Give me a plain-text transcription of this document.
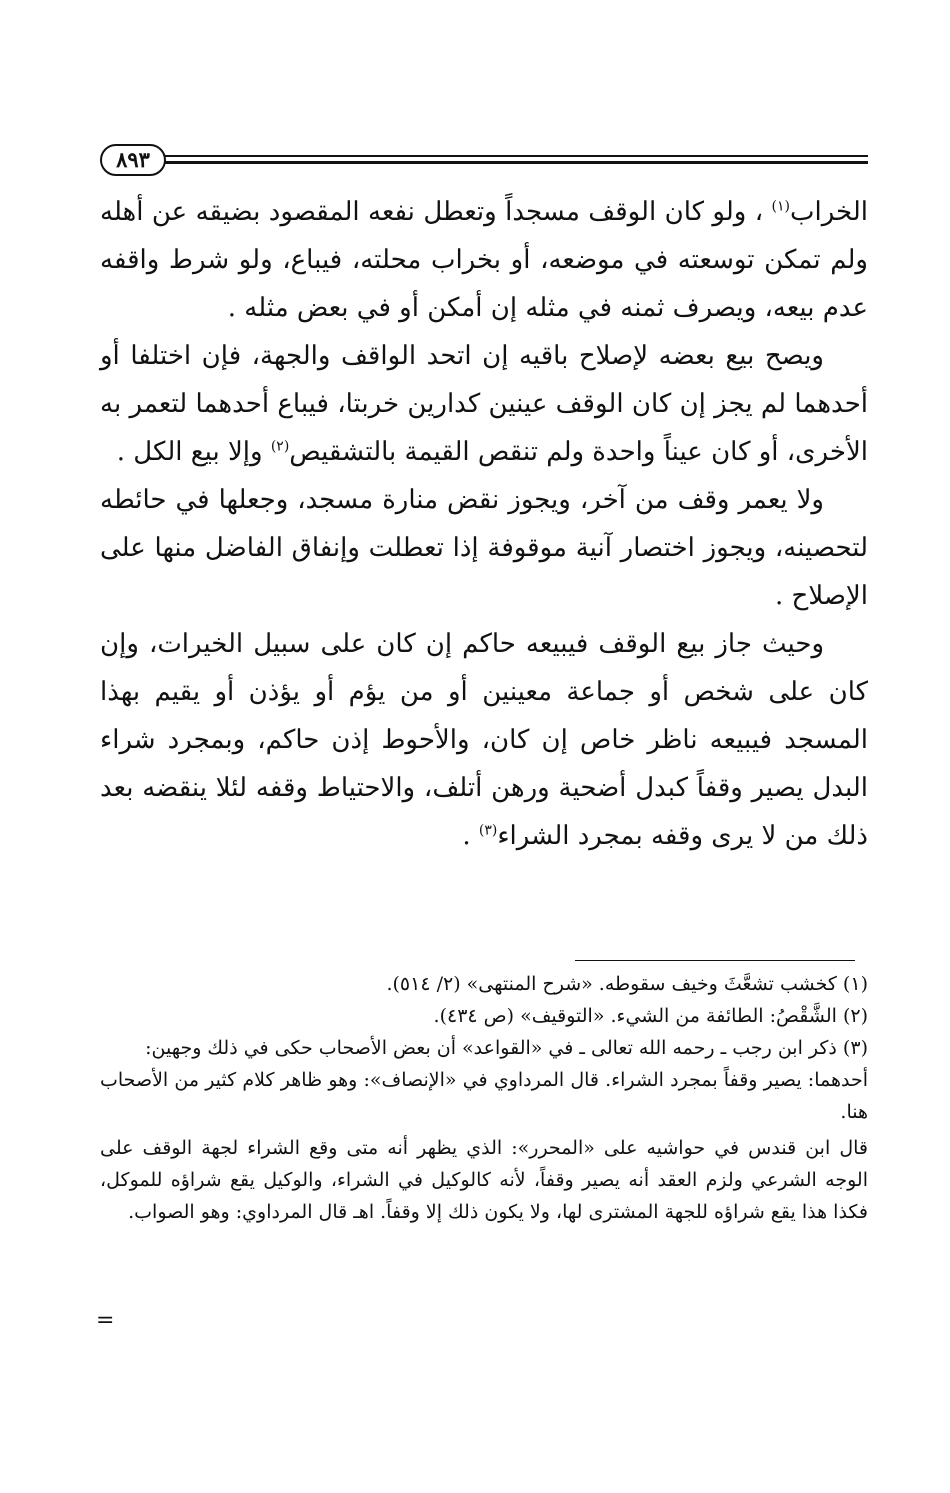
٨٩٣

الخراب$^{(١)}$ ، ولو كان الوقف مسجداً وتعطل نفعه المقصود بضيقه عن أهله ولم تمكن توسعته في موضعه، أو بخراب محلته، فيباع، ولو شرط واقفه عدم بيعه، ويصرف ثمنه في مثله إن أمكن أو في بعض مثله .

ويصح بيع بعضه لإصلاح باقيه إن اتحد الواقف والجهة، فإن اختلفا أو أحدهما لم يجز إن كان الوقف عينين كدارين خربتا، فيباع أحدهما لتعمر به الأخرى، أو كان عيناً واحدة ولم تنقص القيمة بالتشقيص$^{(٢)}$ وإلا بيع الكل .

ولا يعمر وقف من آخر، ويجوز نقض منارة مسجد، وجعلها في حائطه لتحصينه، ويجوز اختصار آنية موقوفة إذا تعطلت وإنفاق الفاضل منها على الإصلاح .

وحيث جاز بيع الوقف فيبيعه حاكم إن كان على سبيل الخيرات، وإن كان على شخص أو جماعة معينين أو من يؤم أو يؤذن أو يقيم بهذا المسجد فيبيعه ناظر خاص إن كان، والأحوط إذن حاكم، وبمجرد شراء البدل يصير وقفاً كبدل أضحية ورهن أتلف، والاحتياط وقفه لئلا ينقضه بعد ذلك من لا يرى وقفه بمجرد الشراء$^{(٣)}$ .

(١) كخشب تشعَّثَ وخيف سقوطه. «شرح المنتهى» (٢/ ٥١٤).

(٢) الشَّقْصُ: الطائفة من الشيء. «التوقيف» (ص ٤٣٤).

(٣) ذكر ابن رجب ـ رحمه الله تعالى ـ في «القواعد» أن بعض الأصحاب حكى في ذلك وجهين:

أحدهما: يصير وقفاً بمجرد الشراء. قال المرداوي في «الإنصاف»: وهو ظاهر كلام كثير من الأصحاب هنا.

قال ابن قندس في حواشيه على «المحرر»: الذي يظهر أنه متى وقع الشراء لجهة الوقف على الوجه الشرعي ولزم العقد أنه يصير وقفاً، لأنه كالوكيل في الشراء، والوكيل يقع شراؤه للموكل، فكذا هذا يقع شراؤه للجهة المشترى لها، ولا يكون ذلك إلا وقفاً. اهـ قال المرداوي: وهو الصواب.

=
